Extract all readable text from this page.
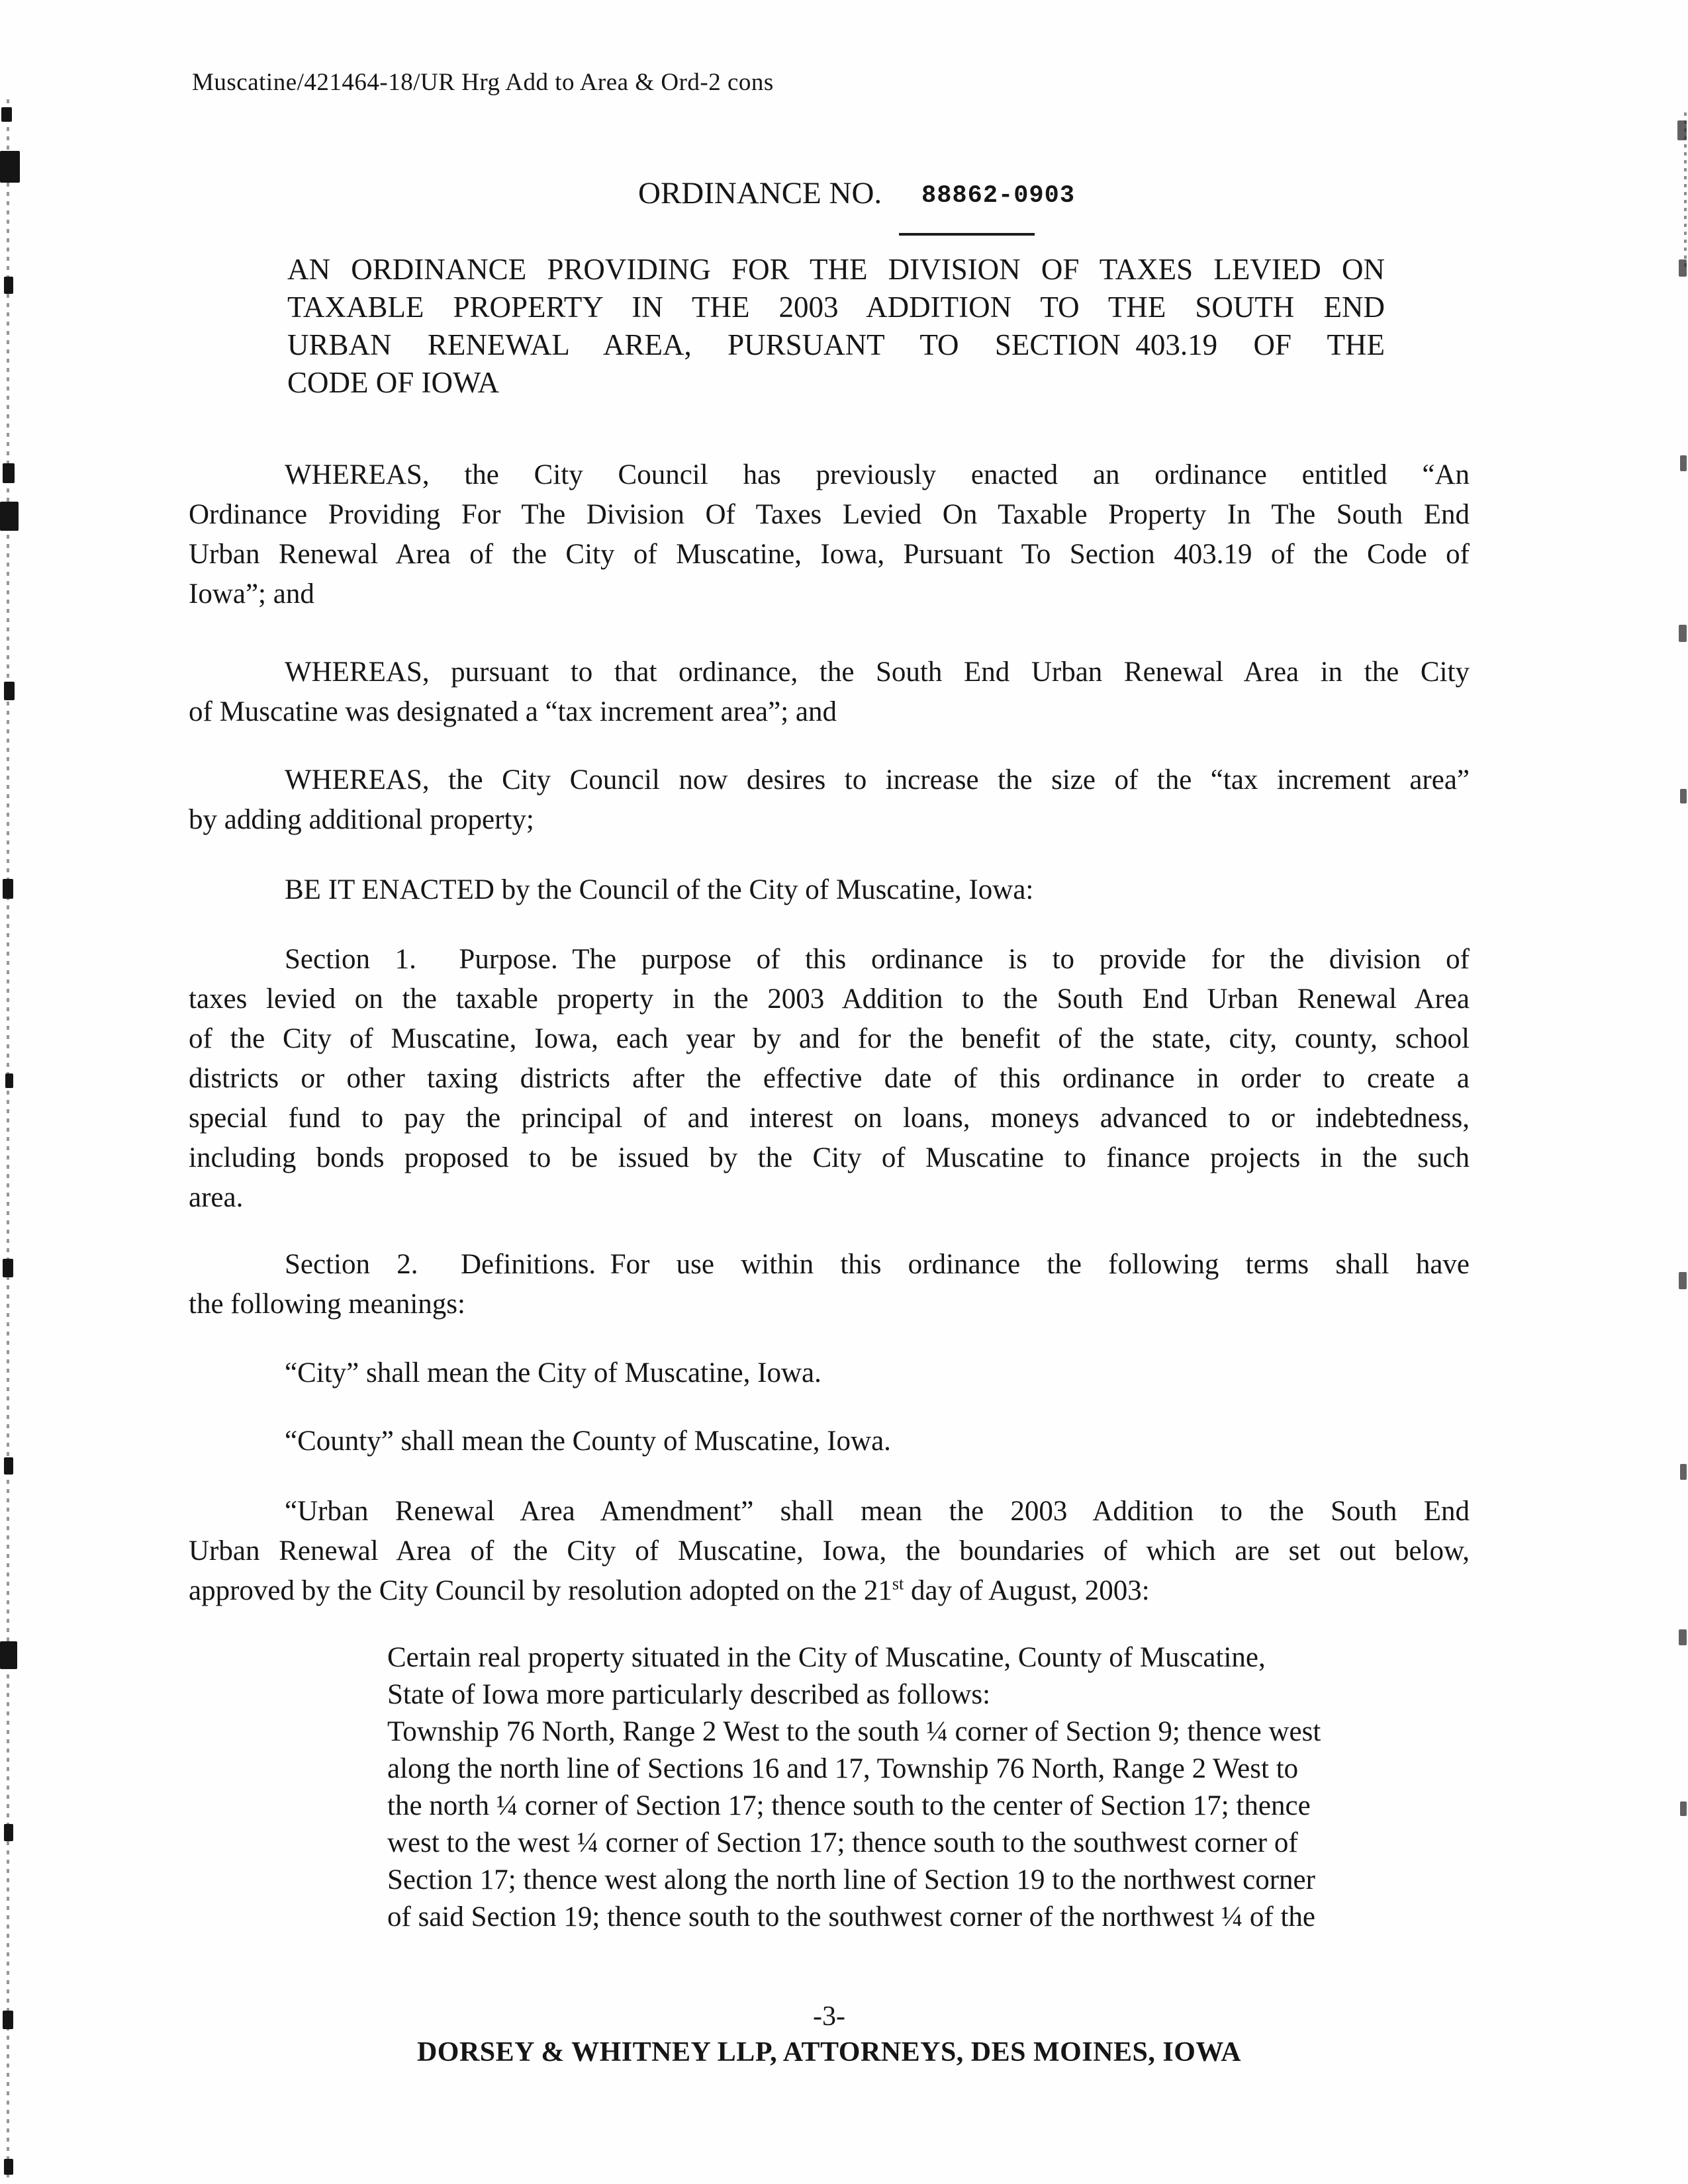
Muscatine/421464-18/UR Hrg Add to Area & Ord-2 cons
ORDINANCE NO. 88862-0903
AN ORDINANCE PROVIDING FOR THE DIVISION OF TAXES LEVIED ON
TAXABLE PROPERTY IN THE 2003 ADDITION TO THE SOUTH END
URBAN RENEWAL AREA, PURSUANT TO SECTION 403.19 OF THE
CODE OF IOWA
WHEREAS, the City Council has previously enacted an ordinance entitled “An
Ordinance Providing For The Division Of Taxes Levied On Taxable Property In The South End
Urban Renewal Area of the City of Muscatine, Iowa, Pursuant To Section 403.19 of the Code of
Iowa”; and
WHEREAS, pursuant to that ordinance, the South End Urban Renewal Area in the City
of Muscatine was designated a “tax increment area”; and
WHEREAS, the City Council now desires to increase the size of the “tax increment area”
by adding additional property;
BE IT ENACTED by the Council of the City of Muscatine, Iowa:
Section 1.  Purpose. The purpose of this ordinance is to provide for the division of
taxes levied on the taxable property in the 2003 Addition to the South End Urban Renewal Area
of the City of Muscatine, Iowa, each year by and for the benefit of the state, city, county, school
districts or other taxing districts after the effective date of this ordinance in order to create a
special fund to pay the principal of and interest on loans, moneys advanced to or indebtedness,
including bonds proposed to be issued by the City of Muscatine to finance projects in the such
area.
Section 2.  Definitions. For use within this ordinance the following terms shall have
the following meanings:
“City” shall mean the City of Muscatine, Iowa.
“County” shall mean the County of Muscatine, Iowa.
“Urban Renewal Area Amendment” shall mean the 2003 Addition to the South End
Urban Renewal Area of the City of Muscatine, Iowa, the boundaries of which are set out below,
approved by the City Council by resolution adopted on the 21st day of August, 2003:
Certain real property situated in the City of Muscatine, County of Muscatine,
State of Iowa more particularly described as follows:
Township 76 North, Range 2 West to the south ¼ corner of Section 9; thence west
along the north line of Sections 16 and 17, Township 76 North, Range 2 West to
the north ¼ corner of Section 17; thence south to the center of Section 17; thence
west to the west ¼ corner of Section 17; thence south to the southwest corner of
Section 17; thence west along the north line of Section 19 to the northwest corner
of said Section 19; thence south to the southwest corner of the northwest ¼ of the
-3-
DORSEY & WHITNEY LLP, ATTORNEYS, DES MOINES, IOWA
